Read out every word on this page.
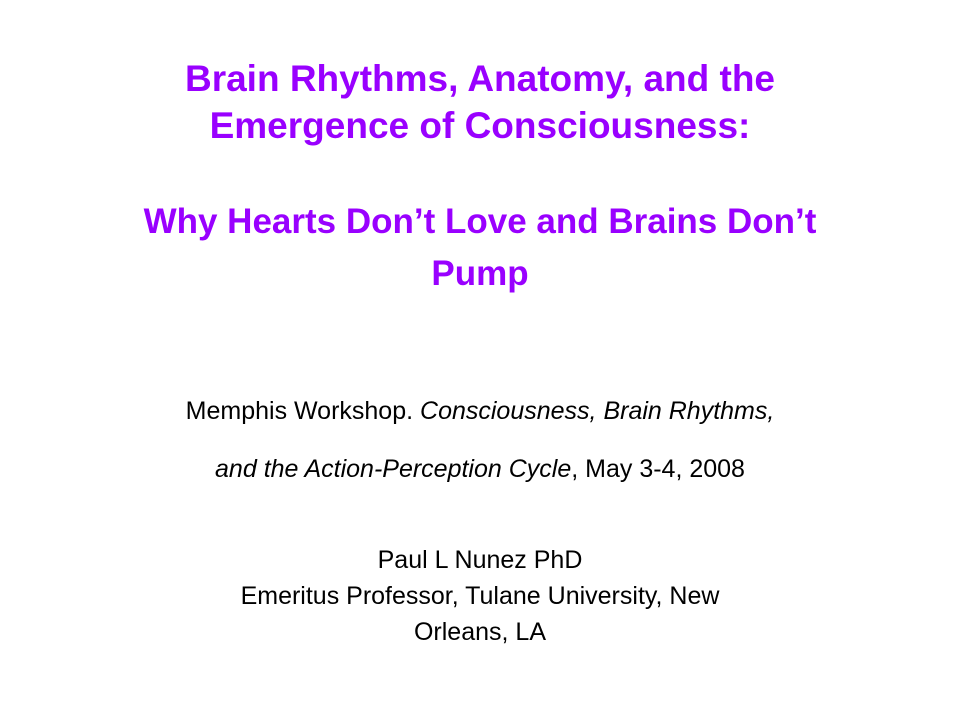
Brain Rhythms, Anatomy, and the
Emergence of Consciousness:
Why Hearts Don’t Love and Brains Don’t
Pump
Memphis Workshop. Consciousness, Brain Rhythms,
and the Action-Perception Cycle, May 3-4, 2008
Paul L Nunez PhD
Emeritus Professor, Tulane University, New
Orleans, LA
